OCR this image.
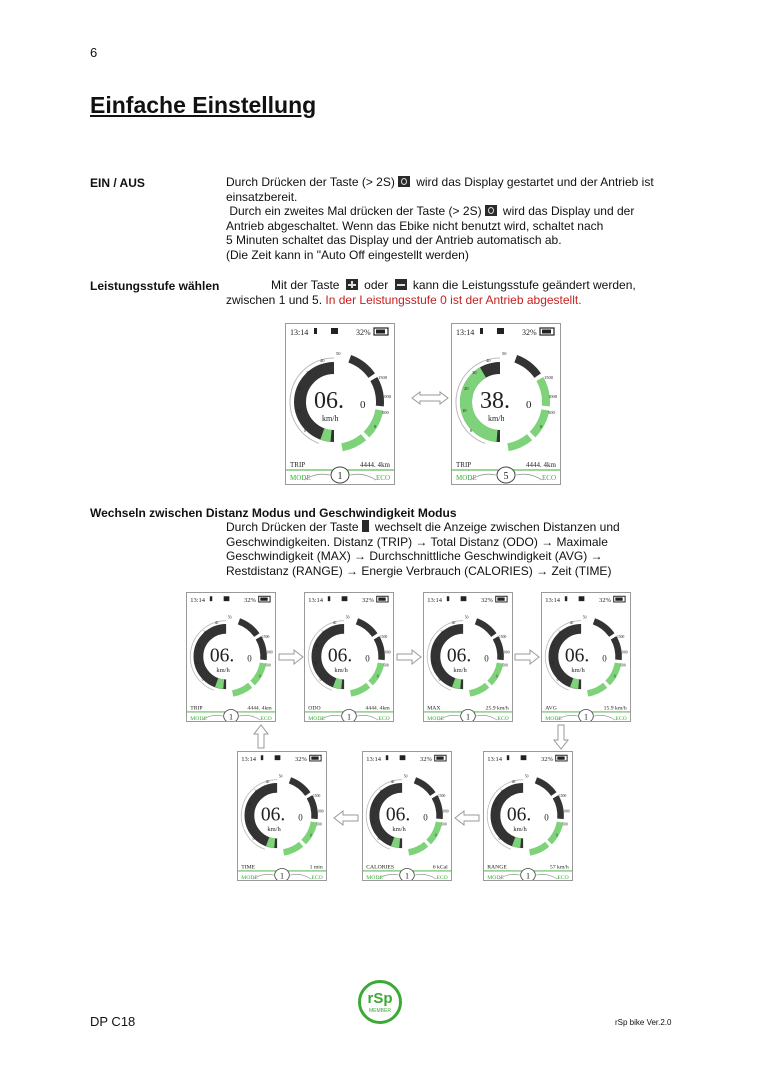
6
Einfache Einstellung
EIN / AUS	Durch Drücken der Taste (> 2S) wird das Display gestartet und der Antrieb ist
einsatzbereit.
Durch ein zweites Mal drücken der Taste (> 2S) wird das Display und der
Antrieb abgeschaltet. Wenn das Ebike nicht benutzt wird, schaltet nach
5 Minuten schaltet das Display und der Antrieb automatisch ab.
(Die Zeit kann in "Auto Off eingestellt werden)
Leistungsstufe wählen	Mit der Taste oder kann die Leistungsstufe geändert werden,
zwischen 1 und 5. In der Leistungsstufe 0 ist der Antrieb abgestellt.
13:14	32%
0
10
20
30
40
50
1500
1000
500
0
06. 0
km/h
TRIP	4444. 4km
MODE	ECO
1
13:14	32%
0
10
20
30
40
50
1500
1000
500
0
38. 0
km/h
TRIP	4444. 4km
MODE	ECO
5
Wechseln zwischen Distanz Modus und Geschwindigkeit Modus
Durch Drücken der Taste wechselt die Anzeige zwischen Distanzen und
Geschwindigkeiten. Distanz (TRIP) → Total Distanz (ODO) → Maximale
Geschwindigkeit (MAX) → Durchschnittliche Geschwindigkeit (AVG) →
Restdistanz (RANGE) → Energie Verbrauch (CALORIES) → Zeit (TIME)
13:14	32%
0
10
20
30
40
50
1500
1000
500
0
06. 0
km/h
TRIP	4444. 4km
MODE	ECO
1
13:14	32%
0
10
20
30
40
50
1500
1000
500
0
06. 0
km/h
ODO	4444. 4km
MODE	ECO
1
13:14	32%
0
10
20
30
40
50
1500
1000
500
0
06. 0
km/h
MAX	25.9 km/h
MODE	ECO
1
13:14	32%
0
10
20
30
40
50
1500
1000
500
0
06. 0
km/h
AVG	15.9 km/h
MODE	ECO
1
13:14	32%
0
10
20
30
40
50
1500
1000
500
0
06. 0
km/h
TIME	1 min
MODE	ECO
1
13:14	32%
0
10
20
30
40
50
1500
1000
500
0
06. 0
km/h
CALORIES	6 kCal
MODE	ECO
1
13:14	32%
0
10
20
30
40
50
1500
1000
500
0
06. 0
km/h
RANGE	57 km/h
MODE	ECO
1
DP C18
rSp
MEMBER
rSp bike Ver.2.0
